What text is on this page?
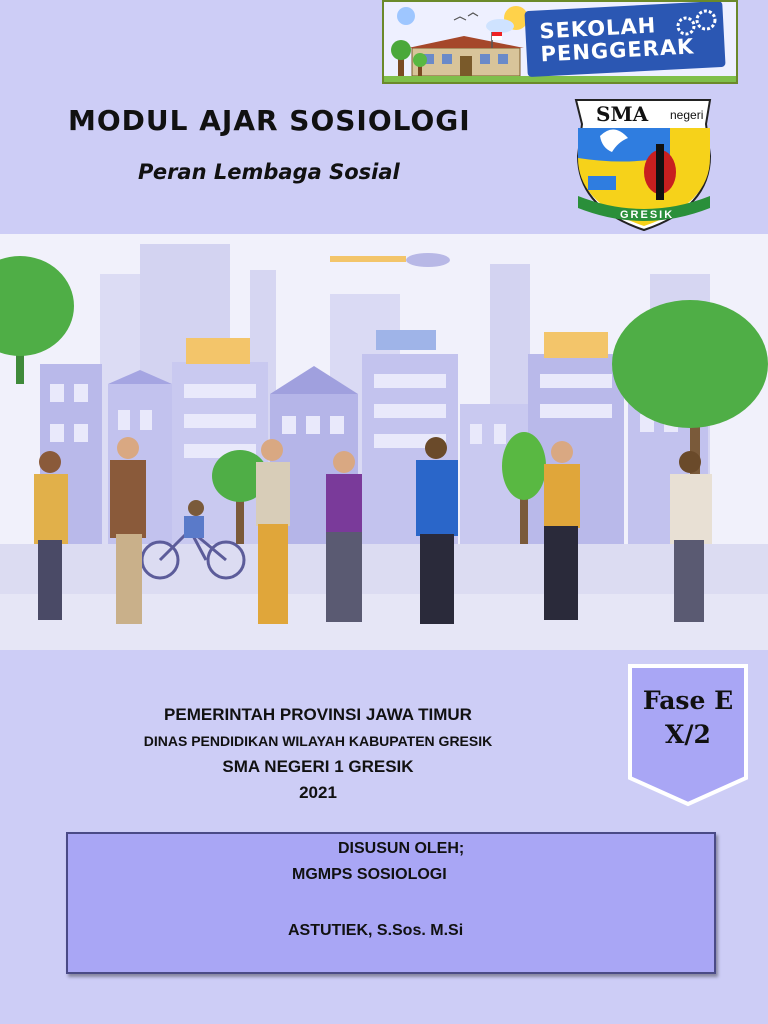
SEKOLAH
PENGGERAK
MODUL AJAR SOSIOLOGI
Peran Lembaga Sosial
SMA negeri
GRESIK
PEMERINTAH PROVINSI JAWA TIMUR
DINAS PENDIDIKAN WILAYAH KABUPATEN GRESIK
SMA NEGERI 1 GRESIK
2021
Fase E
X/2
DISUSUN OLEH;
MGMPS SOSIOLOGI
ASTUTIEK, S.Sos. M.Si
